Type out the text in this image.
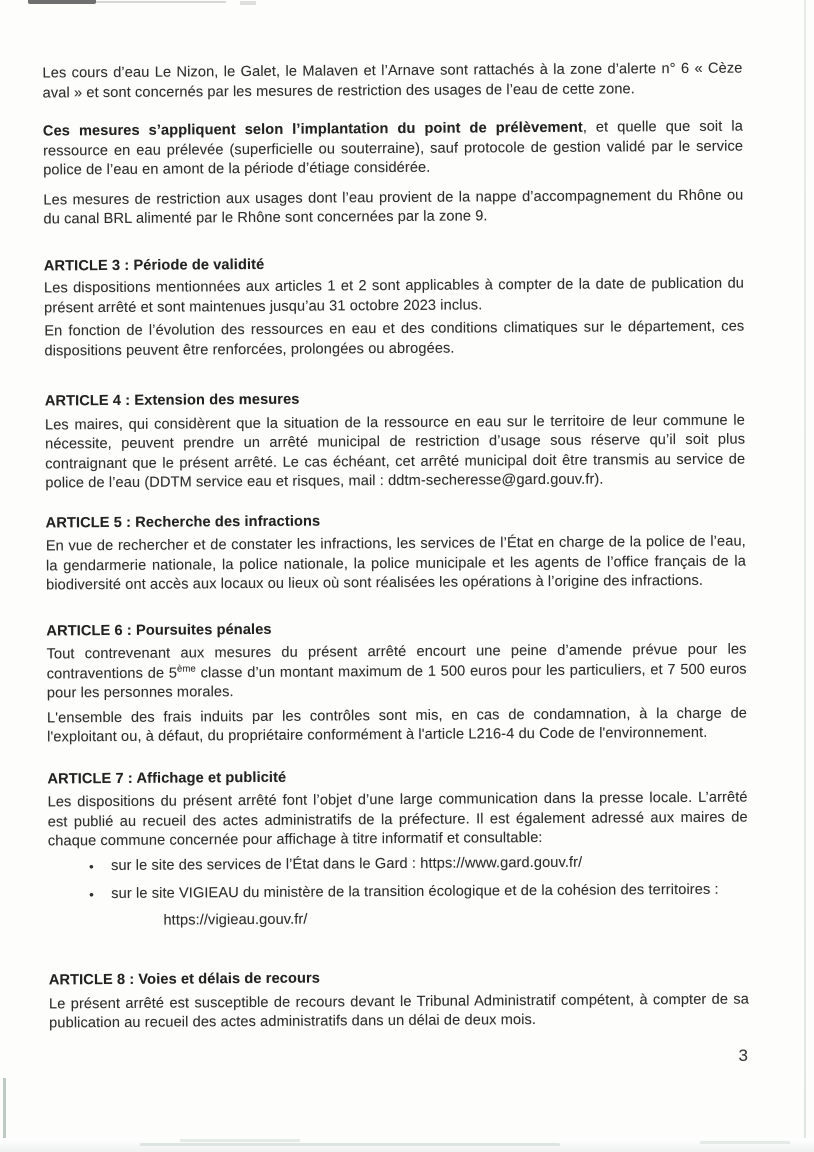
Les cours d’eau Le Nizon, le Galet, le Malaven et l’Arnave sont rattachés à la zone d’alerte n° 6 « Cèze aval » et sont concernés par les mesures de restriction des usages de l’eau de cette zone.

Ces mesures s’appliquent selon l’implantation du point de prélèvement, et quelle que soit la ressource en eau prélevée (superficielle ou souterraine), sauf protocole de gestion validé par le service police de l’eau en amont de la période d’étiage considérée.

Les mesures de restriction aux usages dont l’eau provient de la nappe d’accompagnement du Rhône ou du canal BRL alimenté par le Rhône sont concernées par la zone 9.

ARTICLE 3 : Période de validité

Les dispositions mentionnées aux articles 1 et 2 sont applicables à compter de la date de publication du présent arrêté et sont maintenues jusqu’au 31 octobre 2023 inclus.

En fonction de l’évolution des ressources en eau et des conditions climatiques sur le département, ces dispositions peuvent être renforcées, prolongées ou abrogées.

ARTICLE 4 : Extension des mesures

Les maires, qui considèrent que la situation de la ressource en eau sur le territoire de leur commune le nécessite, peuvent prendre un arrêté municipal de restriction d’usage sous réserve qu’il soit plus contraignant que le présent arrêté. Le cas échéant, cet arrêté municipal doit être transmis au service de police de l’eau (DDTM service eau et risques, mail : ddtm-secheresse@gard.gouv.fr).

ARTICLE 5 : Recherche des infractions

En vue de rechercher et de constater les infractions, les services de l’État en charge de la police de l’eau, la gendarmerie nationale, la police nationale, la police municipale et les agents de l’office français de la biodiversité ont accès aux locaux ou lieux où sont réalisées les opérations à l’origine des infractions.

ARTICLE 6 : Poursuites pénales

Tout contrevenant aux mesures du présent arrêté encourt une peine d’amende prévue pour les contraventions de 5ème classe d’un montant maximum de 1 500 euros pour les particuliers, et 7 500 euros pour les personnes morales.

L'ensemble des frais induits par les contrôles sont mis, en cas de condamnation, à la charge de l'exploitant ou, à défaut, du propriétaire conformément à l'article L216-4 du Code de l'environnement.

ARTICLE 7 : Affichage et publicité

Les dispositions du présent arrêté font l’objet d’une large communication dans la presse locale. L’arrêté est publié au recueil des actes administratifs de la préfecture. Il est également adressé aux maires de chaque commune concernée pour affichage à titre informatif et consultable:

• sur le site des services de l’État dans le Gard : https://www.gard.gouv.fr/
• sur le site VIGIEAU du ministère de la transition écologique et de la cohésion des territoires :

https://vigieau.gouv.fr/

ARTICLE 8 : Voies et délais de recours

Le présent arrêté est susceptible de recours devant le Tribunal Administratif compétent, à compter de sa publication au recueil des actes administratifs dans un délai de deux mois.

3
